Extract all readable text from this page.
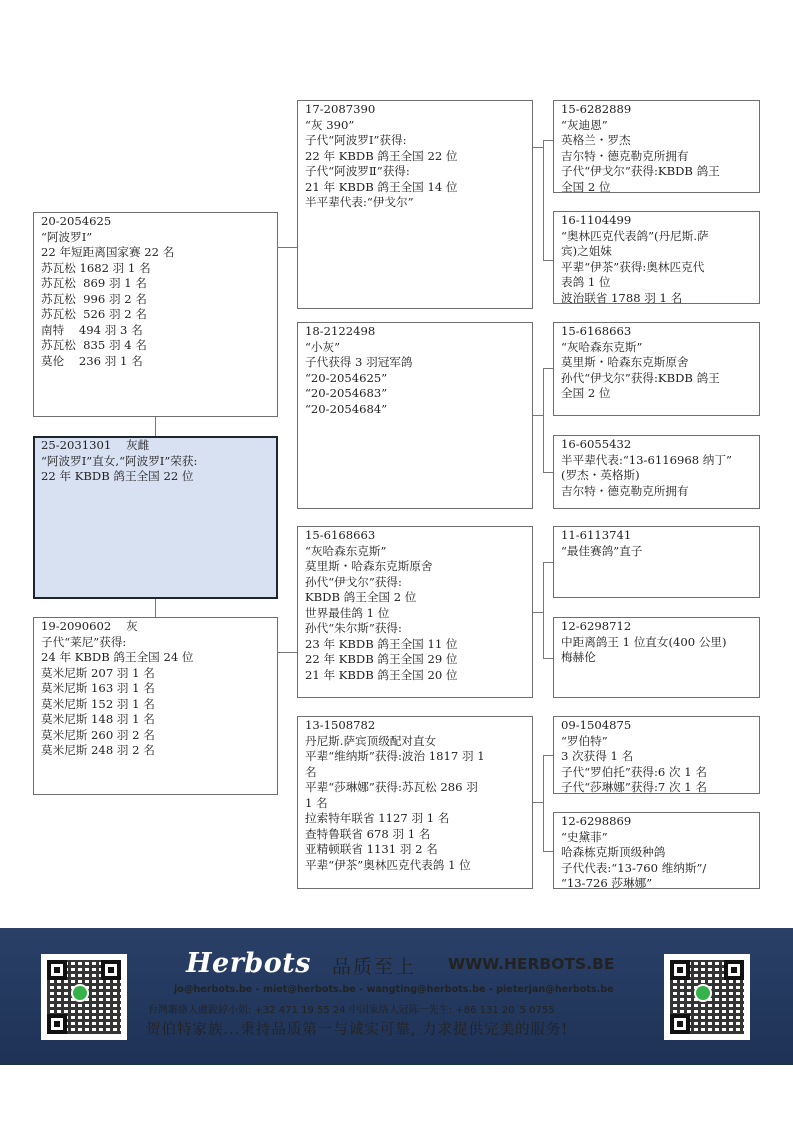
15-6282889
“灰迪恩”
英格兰・罗杰
吉尔特・德克勒克所拥有
子代“伊戈尔”获得:KBDB 鸽王
全国 2 位
16-1104499
“奥林匹克代表鸽”(丹尼斯.萨
宾)之姐妹
平辈“伊茶”获得:奥林匹克代
表鸽 1 位
波治联省 1788 羽 1 名
15-6168663
“灰哈森东克斯”
莫里斯・哈森东克斯原舍
孙代“伊戈尔”获得:KBDB 鸽王
全国 2 位
16-6055432
半平辈代表:“13-6116968 纳丁”
(罗杰・英格斯)
吉尔特・德克勒克所拥有
11-6113741
“最佳赛鸽”直子
12-6298712
中距离鸽王 1 位直女(400 公里)
梅赫伦
09-1504875
“罗伯特”
3 次获得 1 名
子代“罗伯托”获得:6 次 1 名
子代“莎琳娜”获得:7 次 1 名
12-6298869
“史黛菲”
哈森栋克斯顶级种鸽
子代代表:“13-760 维纳斯”/
“13-726 莎琳娜”
17-2087390
“灰 390”
子代“阿波罗Ⅰ”获得:
22 年 KBDB 鸽王全国 22 位
子代“阿波罗Ⅱ”获得:
21 年 KBDB 鸽王全国 14 位
半平辈代表:“伊戈尔”
18-2122498
“小灰”
子代获得 3 羽冠军鸽
“20-2054625”
“20-2054683”
“20-2054684”
15-6168663
“灰哈森东克斯”
莫里斯・哈森东克斯原舍
孙代“伊戈尔”获得:
KBDB 鸽王全国 2 位
世界最佳鸽 1 位
孙代“朱尔斯”获得:
23 年 KBDB 鸽王全国 11 位
22 年 KBDB 鸽王全国 29 位
21 年 KBDB 鸽王全国 20 位
13-1508782
丹尼斯.萨宾顶级配对直女
平辈“维纳斯”获得:波治 1817 羽 1
名
平辈“莎琳娜”获得:苏瓦松 286 羽
1 名
拉索特年联省 1127 羽 1 名
查特鲁联省 678 羽 1 名
亚精顿联省 1131 羽 2 名
平辈“伊茶”奥林匹克代表鸽 1 位
20-2054625
“阿波罗Ⅰ”
22 年短距离国家赛 22 名
苏瓦松 1682 羽 1 名
苏瓦松  869 羽 1 名
苏瓦松  996 羽 2 名
苏瓦松  526 羽 2 名
南特    494 羽 3 名
苏瓦松  835 羽 4 名
莫伦    236 羽 1 名
25-2031301    灰雌
“阿波罗Ⅰ”直女,“阿波罗Ⅰ”荣获:
22 年 KBDB 鸽王全国 22 位
19-2090602    灰
子代“莱尼”获得:
24 年 KBDB 鸽王全国 24 位
莫米尼斯 207 羽 1 名
莫米尼斯 163 羽 1 名
莫米尼斯 152 羽 1 名
莫米尼斯 148 羽 1 名
莫米尼斯 260 羽 2 名
莫米尼斯 248 羽 2 名
Herbots 品质至上 WWW.HERBOTS.BE
jo@herbots.be - miet@herbots.be - wangting@herbots.be - pieterjan@herbots.be
台灣聯絡人盧銳婷小姐: +32 471 19 55 24 中国家络人冠陈一先生: +86 131 20´5 0755
贺伯特家族...秉持品质第一与诚实可靠, 力求提供完美的服务!
